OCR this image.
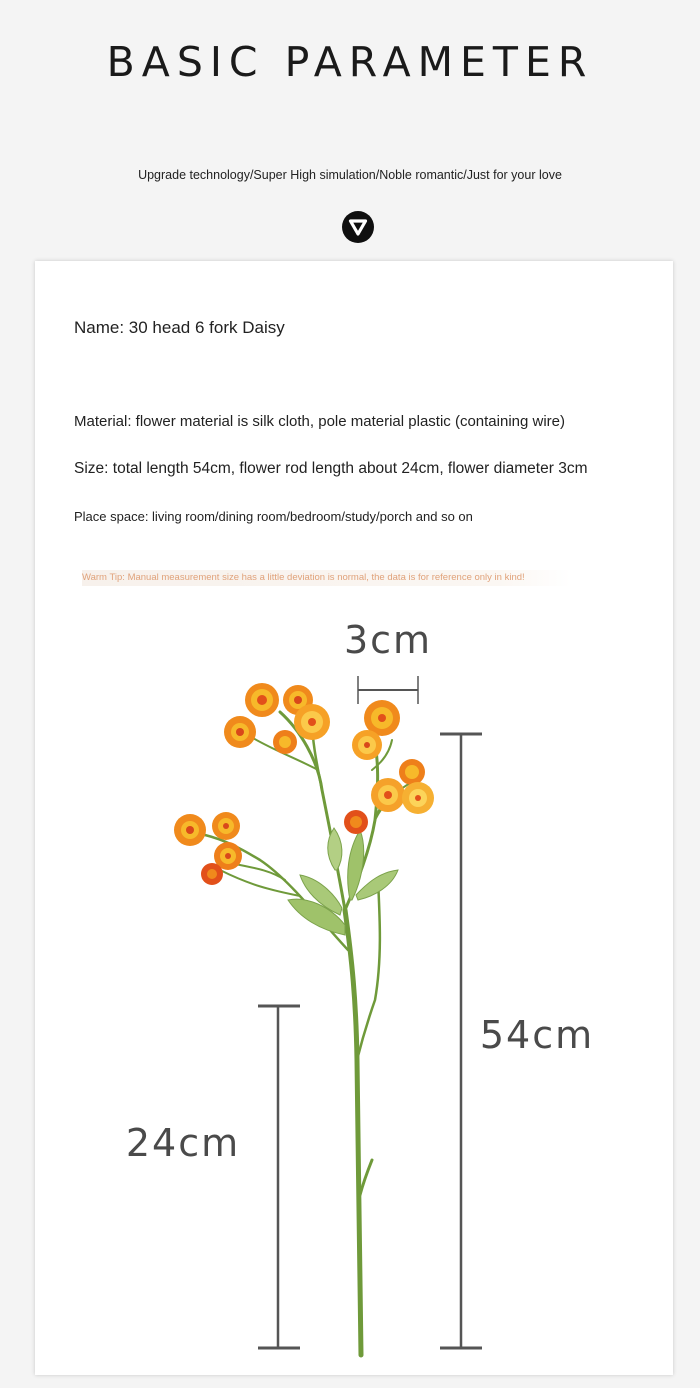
BASIC PARAMETER
Upgrade technology/Super High simulation/Noble romantic/Just for your love
Name: 30 head 6 fork Daisy
Material: flower material is silk cloth, pole material plastic (containing wire)
Size: total length 54cm, flower rod length about 24cm, flower diameter 3cm
Place space: living room/dining room/bedroom/study/porch and so on
Warm Tip: Manual measurement size has a little deviation is normal, the data is for reference only in kind!
3cm
54cm
24cm
